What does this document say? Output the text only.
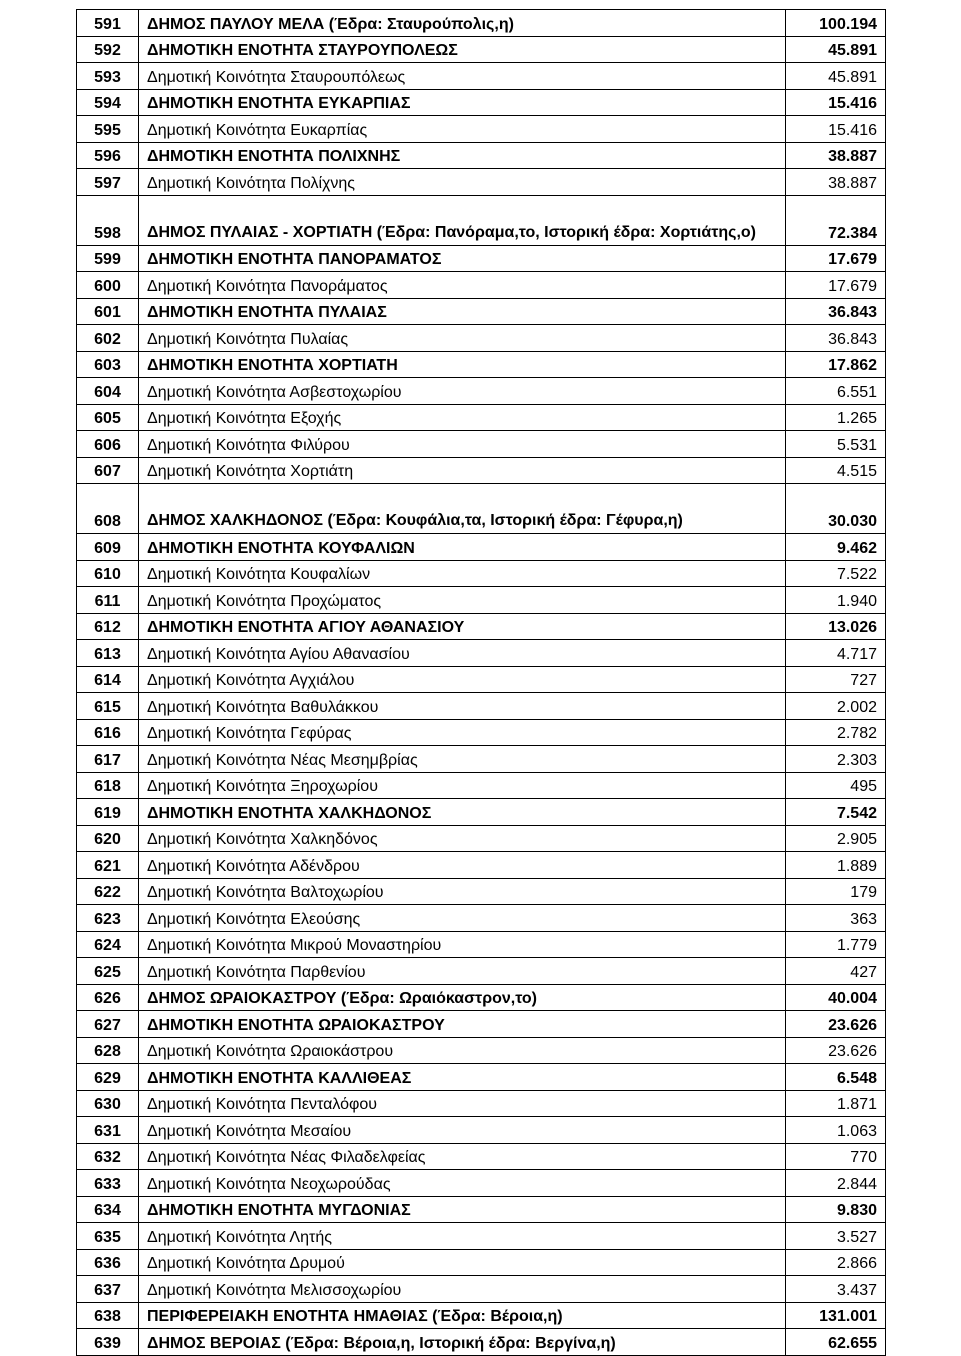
591	ΔΗΜΟΣ ΠΑΥΛΟΥ ΜΕΛΑ (Έδρα: Σταυρούπολις,η)	100.194
592	ΔΗΜΟΤΙΚΗ ΕΝΟΤΗΤΑ ΣΤΑΥΡΟΥΠΟΛΕΩΣ	45.891
593	Δημοτική Κοινότητα Σταυρουπόλεως	45.891
594	ΔΗΜΟΤΙΚΗ ΕΝΟΤΗΤΑ ΕΥΚΑΡΠΙΑΣ	15.416
595	Δημοτική Κοινότητα Ευκαρπίας	15.416
596	ΔΗΜΟΤΙΚΗ ΕΝΟΤΗΤΑ ΠΟΛΙΧΝΗΣ	38.887
597	Δημοτική Κοινότητα Πολίχνης	38.887
598	ΔΗΜΟΣ ΠΥΛΑΙΑΣ - ΧΟΡΤΙΑΤΗ (Έδρα: Πανόραμα,το, Ιστορική έδρα: Χορτιάτης,ο)	72.384
599	ΔΗΜΟΤΙΚΗ ΕΝΟΤΗΤΑ ΠΑΝΟΡΑΜΑΤΟΣ	17.679
600	Δημοτική Κοινότητα Πανοράματος	17.679
601	ΔΗΜΟΤΙΚΗ ΕΝΟΤΗΤΑ ΠΥΛΑΙΑΣ	36.843
602	Δημοτική Κοινότητα Πυλαίας	36.843
603	ΔΗΜΟΤΙΚΗ ΕΝΟΤΗΤΑ ΧΟΡΤΙΑΤΗ	17.862
604	Δημοτική Κοινότητα Ασβεστοχωρίου	6.551
605	Δημοτική Κοινότητα Εξοχής	1.265
606	Δημοτική Κοινότητα Φιλύρου	5.531
607	Δημοτική Κοινότητα Χορτιάτη	4.515
608	ΔΗΜΟΣ ΧΑΛΚΗΔΟΝΟΣ (Έδρα: Κουφάλια,τα, Ιστορική έδρα: Γέφυρα,η)	30.030
609	ΔΗΜΟΤΙΚΗ ΕΝΟΤΗΤΑ ΚΟΥΦΑΛΙΩΝ	9.462
610	Δημοτική Κοινότητα Κουφαλίων	7.522
611	Δημοτική Κοινότητα Προχώματος	1.940
612	ΔΗΜΟΤΙΚΗ ΕΝΟΤΗΤΑ ΑΓΙΟΥ ΑΘΑΝΑΣΙΟΥ	13.026
613	Δημοτική Κοινότητα Αγίου Αθανασίου	4.717
614	Δημοτική Κοινότητα Αγχιάλου	727
615	Δημοτική Κοινότητα Βαθυλάκκου	2.002
616	Δημοτική Κοινότητα Γεφύρας	2.782
617	Δημοτική Κοινότητα Νέας Μεσημβρίας	2.303
618	Δημοτική Κοινότητα Ξηροχωρίου	495
619	ΔΗΜΟΤΙΚΗ ΕΝΟΤΗΤΑ ΧΑΛΚΗΔΟΝΟΣ	7.542
620	Δημοτική Κοινότητα Χαλκηδόνος	2.905
621	Δημοτική Κοινότητα Αδένδρου	1.889
622	Δημοτική Κοινότητα Βαλτοχωρίου	179
623	Δημοτική Κοινότητα Ελεούσης	363
624	Δημοτική Κοινότητα Μικρού Μοναστηρίου	1.779
625	Δημοτική Κοινότητα Παρθενίου	427
626	ΔΗΜΟΣ ΩΡΑΙΟΚΑΣΤΡΟΥ (Έδρα: Ωραιόκαστρον,το)	40.004
627	ΔΗΜΟΤΙΚΗ ΕΝΟΤΗΤΑ ΩΡΑΙΟΚΑΣΤΡΟΥ	23.626
628	Δημοτική Κοινότητα Ωραιοκάστρου	23.626
629	ΔΗΜΟΤΙΚΗ ΕΝΟΤΗΤΑ ΚΑΛΛΙΘΕΑΣ	6.548
630	Δημοτική Κοινότητα Πενταλόφου	1.871
631	Δημοτική Κοινότητα Μεσαίου	1.063
632	Δημοτική Κοινότητα Νέας Φιλαδελφείας	770
633	Δημοτική Κοινότητα Νεοχωρούδας	2.844
634	ΔΗΜΟΤΙΚΗ ΕΝΟΤΗΤΑ ΜΥΓΔΟΝΙΑΣ	9.830
635	Δημοτική Κοινότητα Λητής	3.527
636	Δημοτική Κοινότητα Δρυμού	2.866
637	Δημοτική Κοινότητα Μελισσοχωρίου	3.437
638	ΠΕΡΙΦΕΡΕΙΑΚΗ ΕΝΟΤΗΤΑ ΗΜΑΘΙΑΣ (Έδρα: Βέροια,η)	131.001
639	ΔΗΜΟΣ ΒΕΡΟΙΑΣ (Έδρα: Βέροια,η, Ιστορική έδρα: Βεργίνα,η)	62.655
